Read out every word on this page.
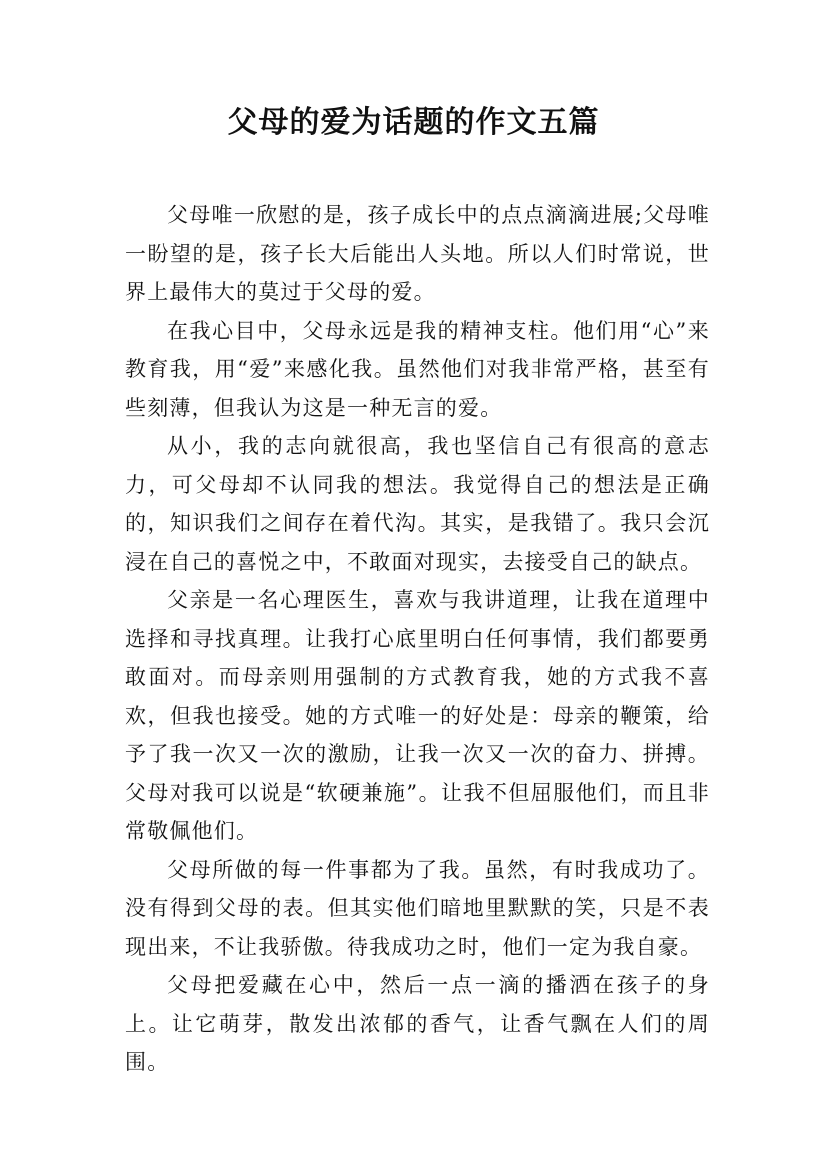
父母的爱为话题的作文五篇

父母唯一欣慰的是，孩子成长中的点点滴滴进展;父母唯一盼望的是，孩子长大后能出人头地。所以人们时常说，世界上最伟大的莫过于父母的爱。

在我心目中，父母永远是我的精神支柱。他们用“心”来教育我，用“爱”来感化我。虽然他们对我非常严格，甚至有些刻薄，但我认为这是一种无言的爱。

从小，我的志向就很高，我也坚信自己有很高的意志力，可父母却不认同我的想法。我觉得自己的想法是正确的，知识我们之间存在着代沟。其实，是我错了。我只会沉浸在自己的喜悦之中，不敢面对现实，去接受自己的缺点。

父亲是一名心理医生，喜欢与我讲道理，让我在道理中选择和寻找真理。让我打心底里明白任何事情，我们都要勇敢面对。而母亲则用强制的方式教育我，她的方式我不喜欢，但我也接受。她的方式唯一的好处是：母亲的鞭策，给予了我一次又一次的激励，让我一次又一次的奋力、拼搏。父母对我可以说是“软硬兼施”。让我不但屈服他们，而且非常敬佩他们。

父母所做的每一件事都为了我。虽然，有时我成功了。没有得到父母的表。但其实他们暗地里默默的笑，只是不表现出来，不让我骄傲。待我成功之时，他们一定为我自豪。

父母把爱藏在心中，然后一点一滴的播洒在孩子的身上。让它萌芽，散发出浓郁的香气，让香气飘在人们的周围。
